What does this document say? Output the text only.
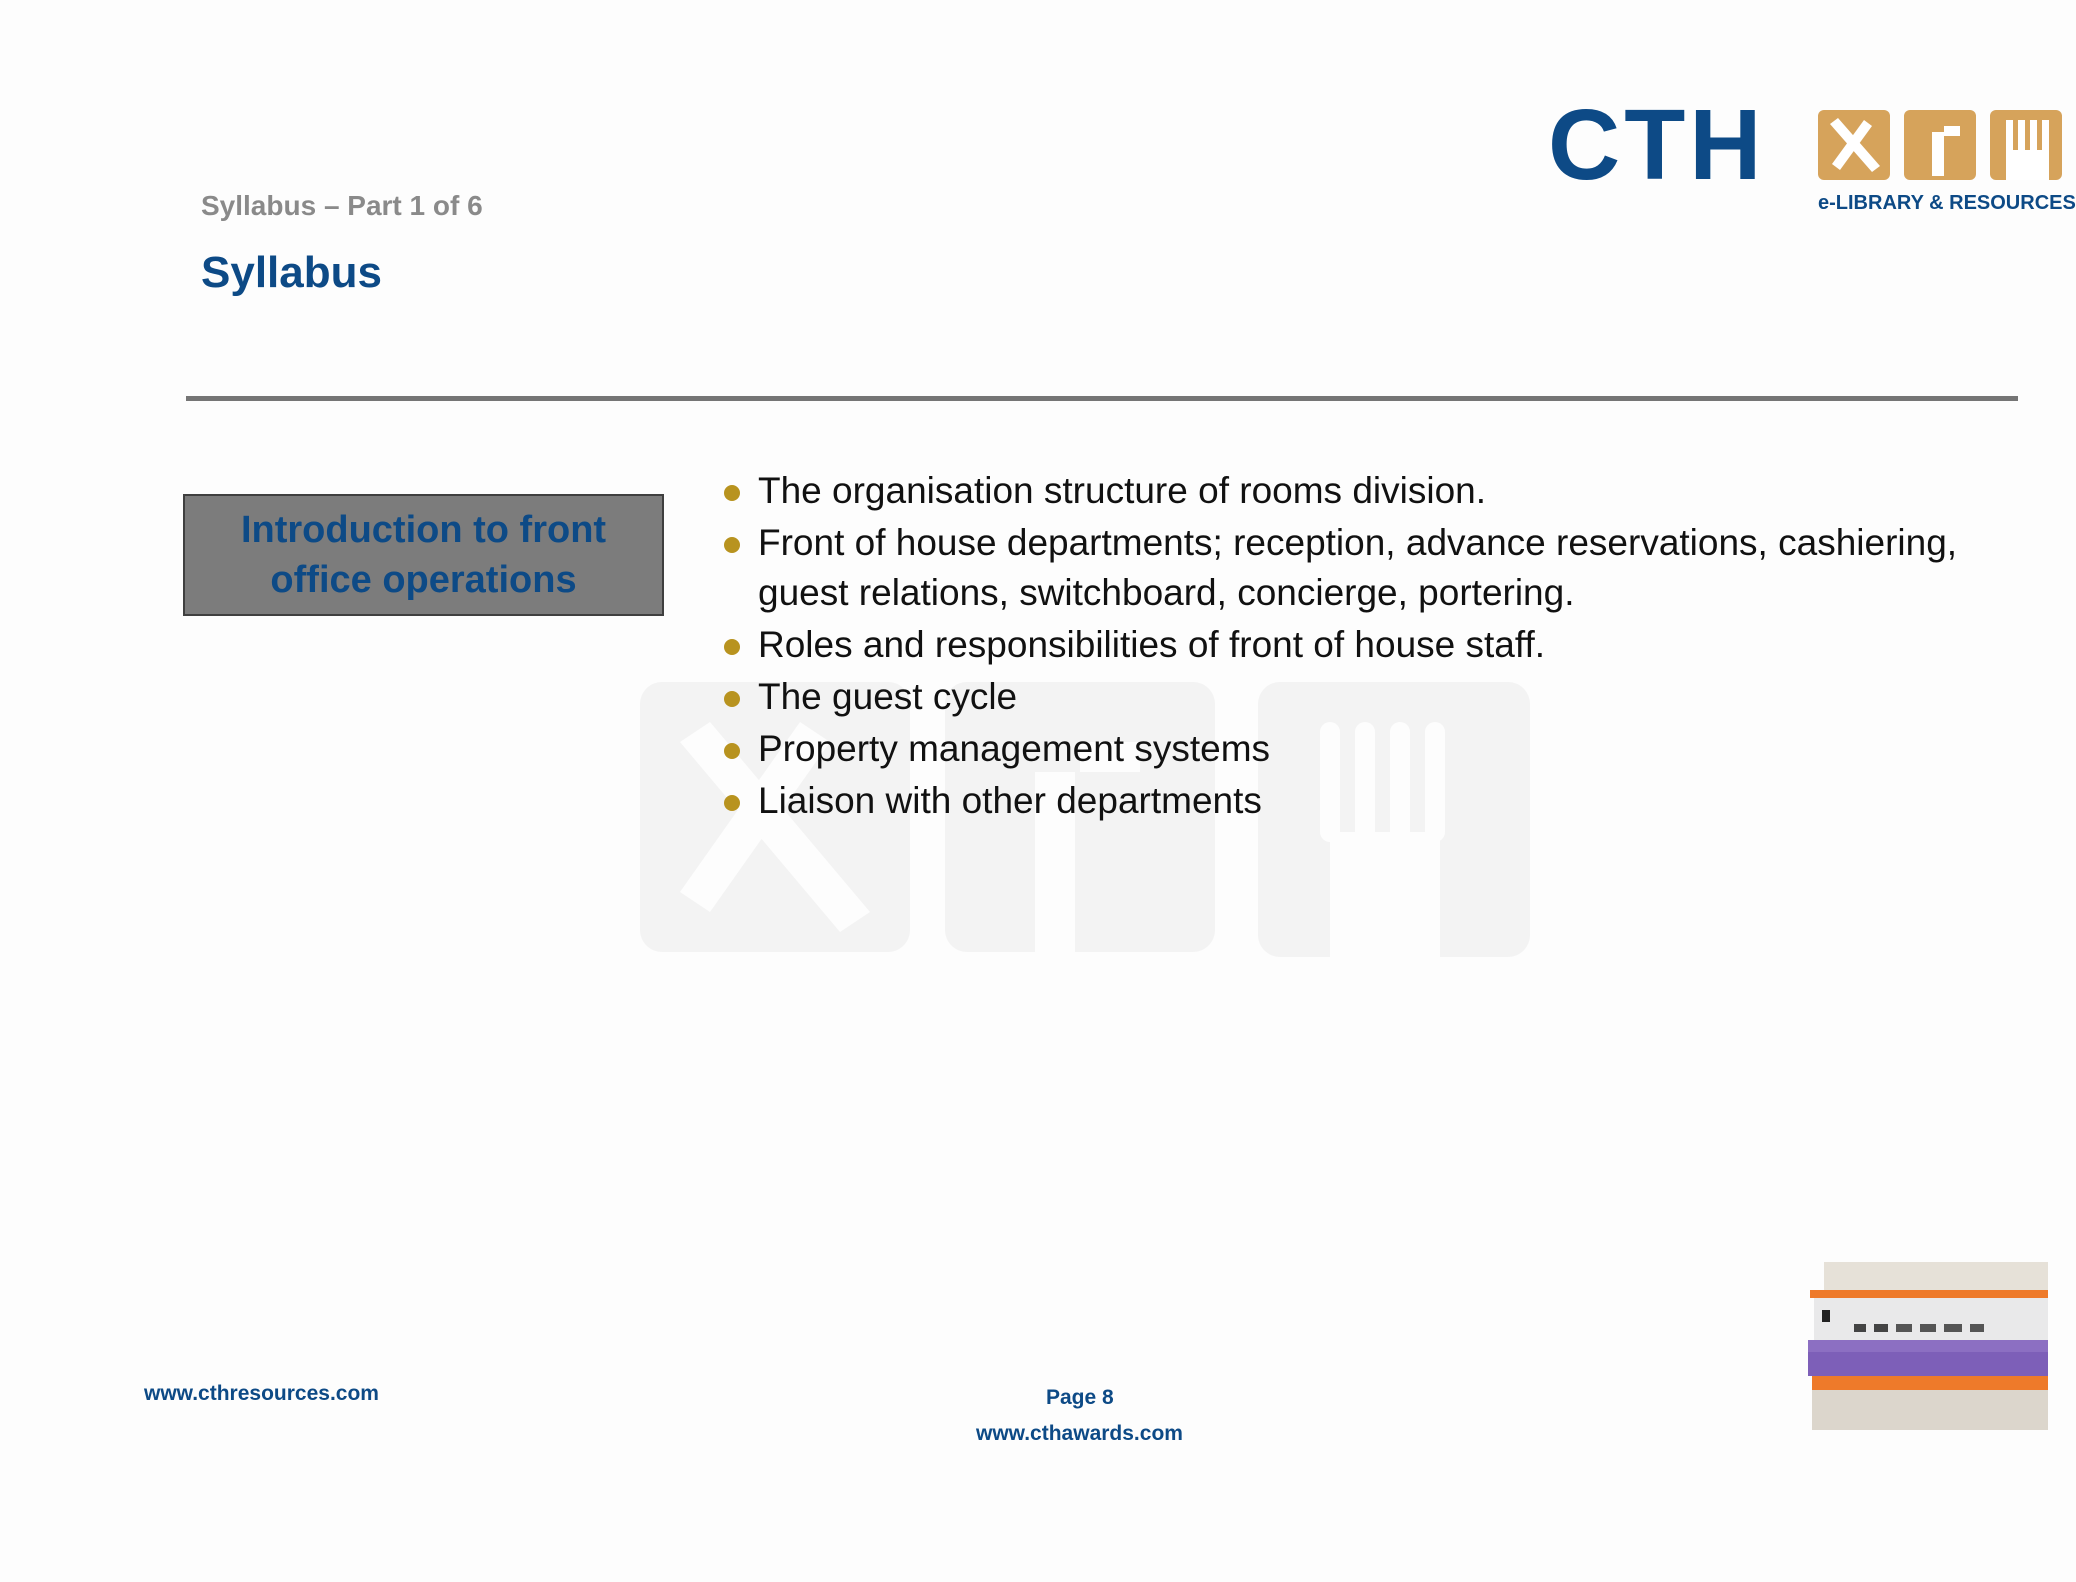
Syllabus – Part 1 of 6
Syllabus
CTH
e-LIBRARY & RESOURCES
Introduction to front office operations
The organisation structure of rooms division.
Front of house departments; reception, advance reservations, cashiering, guest relations, switchboard, concierge, portering.
Roles and responsibilities of front of house staff.
The guest cycle
Property management systems
Liaison with other departments
www.cthresources.com	Page 8
www.cthawards.com
